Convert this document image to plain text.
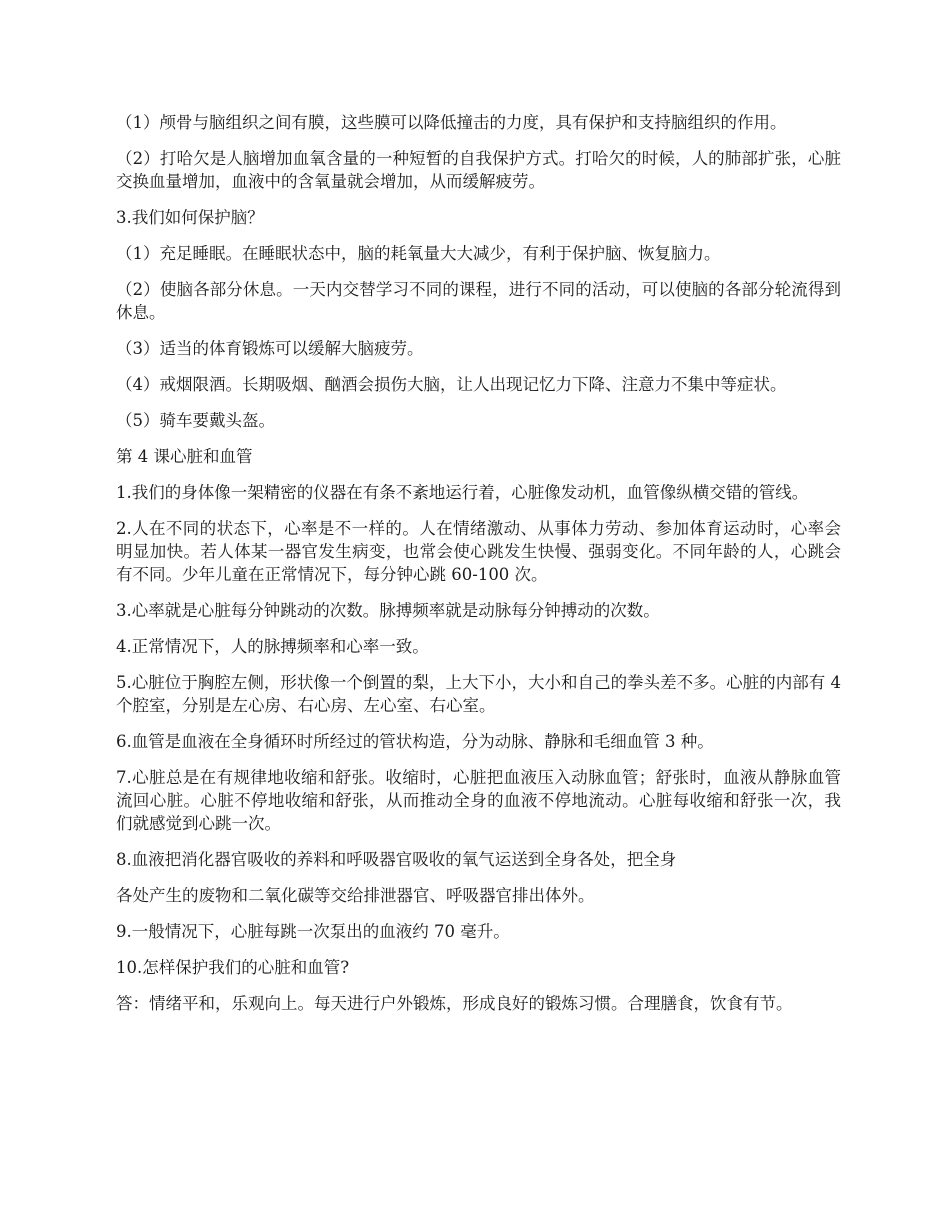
（1）颅骨与脑组织之间有膜，这些膜可以降低撞击的力度，具有保护和支持脑组织的作用。

（2）打哈欠是人脑增加血氧含量的一种短暂的自我保护方式。打哈欠的时候，人的肺部扩张，心脏交换血量增加，血液中的含氧量就会增加，从而缓解疲劳。

3.我们如何保护脑？

（1）充足睡眠。在睡眠状态中，脑的耗氧量大大减少，有利于保护脑、恢复脑力。

（2）使脑各部分休息。一天内交替学习不同的课程，进行不同的活动，可以使脑的各部分轮流得到休息。

（3）适当的体育锻炼可以缓解大脑疲劳。

（4）戒烟限酒。长期吸烟、酗酒会损伤大脑，让人出现记忆力下降、注意力不集中等症状。

（5）骑车要戴头盔。

第 4 课心脏和血管

1.我们的身体像一架精密的仪器在有条不紊地运行着，心脏像发动机，血管像纵横交错的管线。

2.人在不同的状态下，心率是不一样的。人在情绪激动、从事体力劳动、参加体育运动时，心率会明显加快。若人体某一器官发生病变，也常会使心跳发生快慢、强弱变化。不同年龄的人，心跳会有不同。少年儿童在正常情况下，每分钟心跳 60-100 次。

3.心率就是心脏每分钟跳动的次数。脉搏频率就是动脉每分钟搏动的次数。

4.正常情况下，人的脉搏频率和心率一致。

5.心脏位于胸腔左侧，形状像一个倒置的梨，上大下小，大小和自己的拳头差不多。心脏的内部有 4 个腔室，分别是左心房、右心房、左心室、右心室。

6.血管是血液在全身循环时所经过的管状构造，分为动脉、静脉和毛细血管 3 种。

7.心脏总是在有规律地收缩和舒张。收缩时，心脏把血液压入动脉血管；舒张时，血液从静脉血管流回心脏。心脏不停地收缩和舒张，从而推动全身的血液不停地流动。心脏每收缩和舒张一次，我们就感觉到心跳一次。

8.血液把消化器官吸收的养料和呼吸器官吸收的氧气运送到全身各处，把全身

各处产生的废物和二氧化碳等交给排泄器官、呼吸器官排出体外。

9.一般情况下，心脏每跳一次泵出的血液约 70 毫升。

10.怎样保护我们的心脏和血管?

答：情绪平和，乐观向上。每天进行户外锻炼，形成良好的锻炼习惯。合理膳食，饮食有节。
